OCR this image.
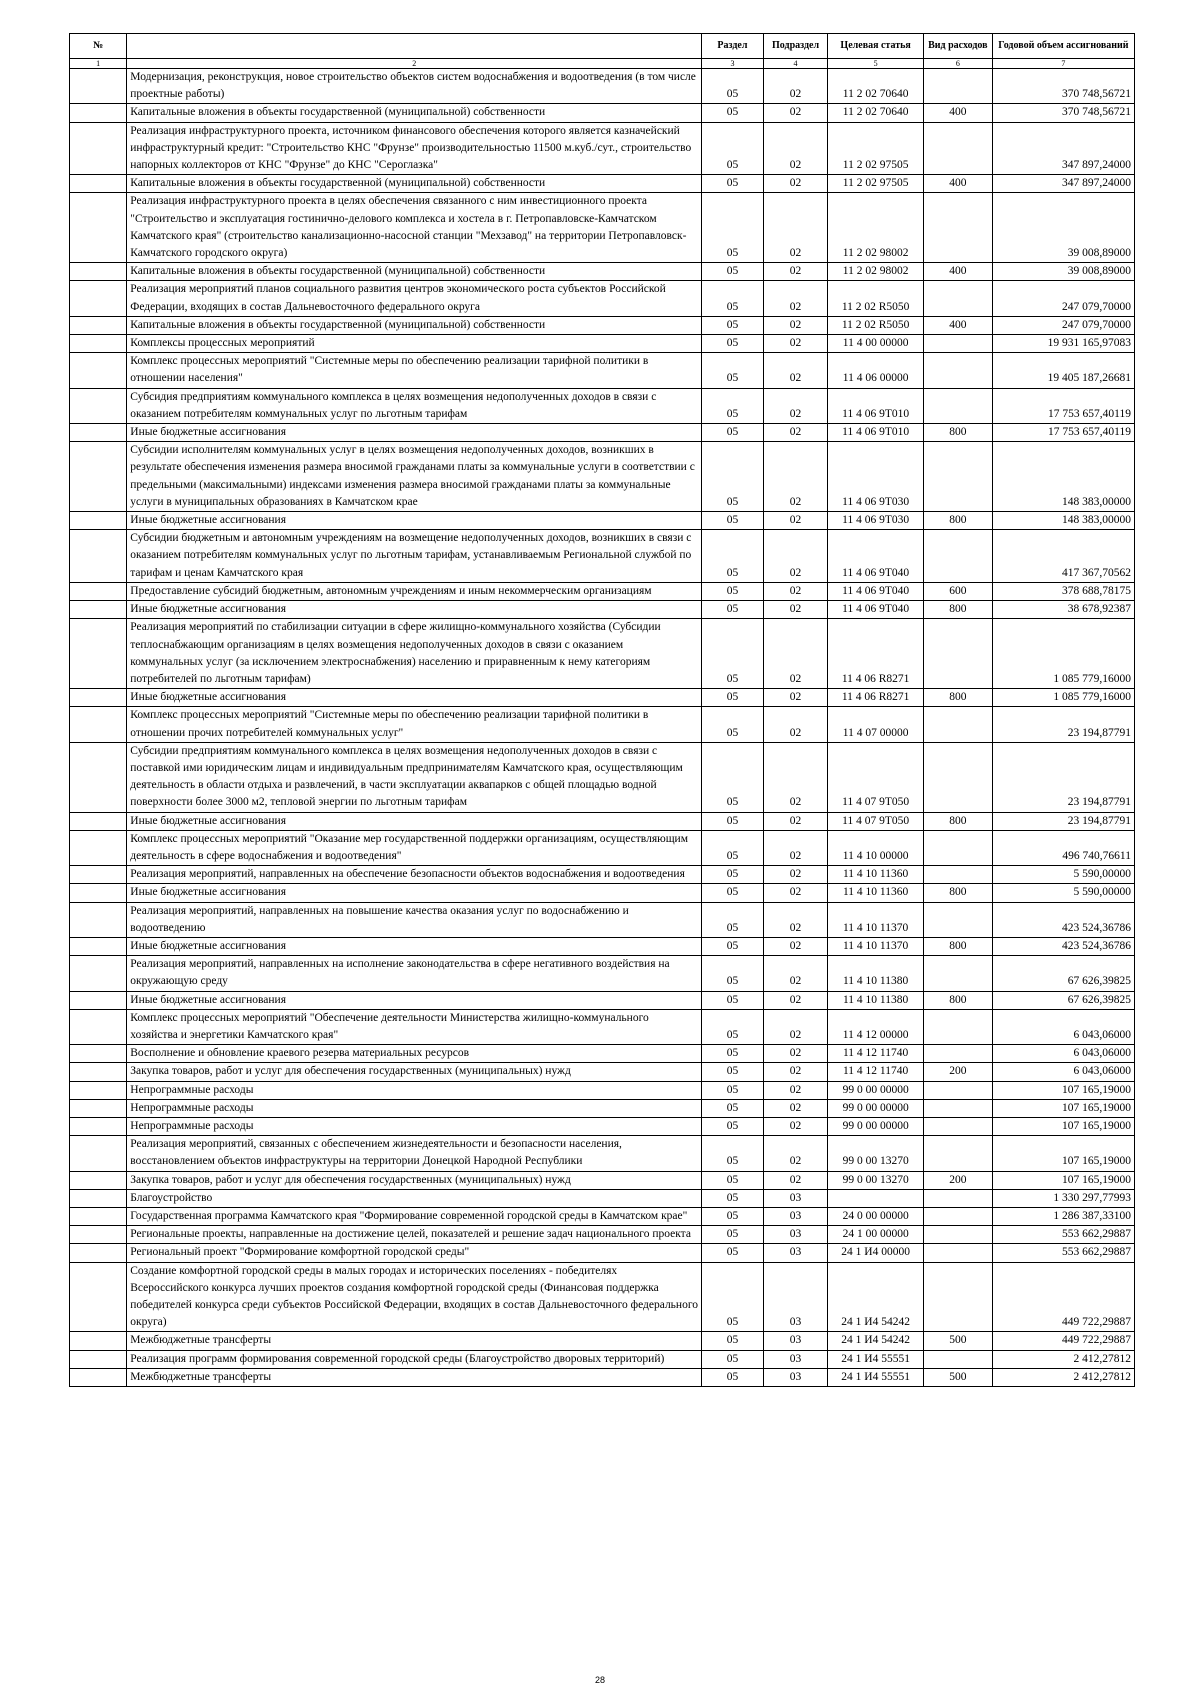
№		Раздел	Подраздел	Целевая статья	Вид расходов	Годовой объем ассигнований
1	2	3	4	5	6	7
	Модернизация, реконструкция, новое строительство объектов систем водоснабжения и водоотведения (в том числе проектные работы)	05	02	11 2 02 70640		370 748,56721
	Капитальные вложения в объекты государственной (муниципальной) собственности	05	02	11 2 02 70640	400	370 748,56721
	Реализация инфраструктурного проекта, источником финансового обеспечения которого является казначейский инфраструктурный кредит: "Строительство КНС "Фрунзе" производительностью 11500 м.куб./сут., строительство напорных коллекторов от КНС "Фрунзе" до КНС "Сероглазка"	05	02	11 2 02 97505		347 897,24000
	Капитальные вложения в объекты государственной (муниципальной) собственности	05	02	11 2 02 97505	400	347 897,24000
	Реализация инфраструктурного проекта в целях обеспечения связанного с ним инвестиционного проекта "Строительство и эксплуатация гостинично-делового комплекса и хостела в г. Петропавловске-Камчатском Камчатского края" (строительство канализационно-насосной станции "Мехзавод" на территории Петропавловск-Камчатского городского округа)	05	02	11 2 02 98002		39 008,89000
	Капитальные вложения в объекты государственной (муниципальной) собственности	05	02	11 2 02 98002	400	39 008,89000
	Реализация мероприятий планов социального развития центров экономического роста субъектов Российской Федерации, входящих в состав Дальневосточного федерального округа	05	02	11 2 02 R5050		247 079,70000
	Капитальные вложения в объекты государственной (муниципальной) собственности	05	02	11 2 02 R5050	400	247 079,70000
	Комплексы процессных мероприятий	05	02	11 4 00 00000		19 931 165,97083
	Комплекс процессных мероприятий "Системные меры по обеспечению реализации тарифной политики в отношении населения"	05	02	11 4 06 00000		19 405 187,26681
	Субсидия предприятиям коммунального комплекса в целях возмещения недополученных доходов в связи с оказанием потребителям коммунальных услуг по льготным тарифам	05	02	11 4 06 9Т010		17 753 657,40119
	Иные бюджетные ассигнования	05	02	11 4 06 9Т010	800	17 753 657,40119
	Субсидии исполнителям коммунальных услуг в целях возмещения недополученных доходов, возникших в результате обеспечения изменения размера вносимой гражданами платы за коммунальные услуги в соответствии с предельными (максимальными) индексами изменения размера вносимой гражданами платы за коммунальные услуги в муниципальных образованиях в Камчатском крае	05	02	11 4 06 9Т030		148 383,00000
	Иные бюджетные ассигнования	05	02	11 4 06 9Т030	800	148 383,00000
	Субсидии бюджетным и автономным учреждениям на возмещение недополученных доходов, возникших в связи с оказанием потребителям коммунальных услуг по льготным тарифам, устанавливаемым Региональной службой по тарифам и ценам Камчатского края	05	02	11 4 06 9Т040		417 367,70562
	Предоставление субсидий бюджетным, автономным учреждениям и иным некоммерческим организациям	05	02	11 4 06 9Т040	600	378 688,78175
	Иные бюджетные ассигнования	05	02	11 4 06 9Т040	800	38 678,92387
	Реализация мероприятий по стабилизации ситуации в сфере жилищно-коммунального хозяйства (Субсидии теплоснабжающим организациям в целях возмещения недополученных доходов в связи с оказанием коммунальных услуг (за исключением электроснабжения) населению и приравненным к нему категориям потребителей по льготным тарифам)	05	02	11 4 06 R8271		1 085 779,16000
	Иные бюджетные ассигнования	05	02	11 4 06 R8271	800	1 085 779,16000
	Комплекс процессных мероприятий "Системные меры по обеспечению реализации тарифной политики в отношении прочих потребителей коммунальных услуг"	05	02	11 4 07 00000		23 194,87791
	Субсидии предприятиям коммунального комплекса в целях возмещения недополученных доходов в связи с поставкой ими юридическим лицам и индивидуальным предпринимателям Камчатского края, осуществляющим деятельность в области отдыха и развлечений, в части эксплуатации аквапарков с общей площадью водной поверхности более 3000 м2, тепловой энергии по льготным тарифам	05	02	11 4 07 9Т050		23 194,87791
	Иные бюджетные ассигнования	05	02	11 4 07 9Т050	800	23 194,87791
	Комплекс процессных мероприятий "Оказание мер государственной поддержки организациям, осуществляющим деятельность в сфере водоснабжения и водоотведения"	05	02	11 4 10 00000		496 740,76611
	Реализация мероприятий, направленных на обеспечение безопасности объектов водоснабжения и водоотведения	05	02	11 4 10 11360		5 590,00000
	Иные бюджетные ассигнования	05	02	11 4 10 11360	800	5 590,00000
	Реализация мероприятий, направленных на повышение качества оказания услуг по водоснабжению и водоотведению	05	02	11 4 10 11370		423 524,36786
	Иные бюджетные ассигнования	05	02	11 4 10 11370	800	423 524,36786
	Реализация мероприятий, направленных на исполнение законодательства в сфере негативного воздействия на окружающую среду	05	02	11 4 10 11380		67 626,39825
	Иные бюджетные ассигнования	05	02	11 4 10 11380	800	67 626,39825
	Комплекс процессных мероприятий "Обеспечение деятельности Министерства жилищно-коммунального хозяйства и энергетики Камчатского края"	05	02	11 4 12 00000		6 043,06000
	Восполнение и обновление краевого резерва материальных ресурсов	05	02	11 4 12 11740		6 043,06000
	Закупка товаров, работ и услуг для обеспечения государственных (муниципальных) нужд	05	02	11 4 12 11740	200	6 043,06000
	Непрограммные расходы	05	02	99 0 00 00000		107 165,19000
	Непрограммные расходы	05	02	99 0 00 00000		107 165,19000
	Непрограммные расходы	05	02	99 0 00 00000		107 165,19000
	Реализация мероприятий, связанных с обеспечением жизнедеятельности и безопасности населения, восстановлением объектов инфраструктуры на территории Донецкой Народной Республики	05	02	99 0 00 13270		107 165,19000
	Закупка товаров, работ и услуг для обеспечения государственных (муниципальных) нужд	05	02	99 0 00 13270	200	107 165,19000
	Благоустройство	05	03			1 330 297,77993
	Государственная программа Камчатского края "Формирование современной городской среды в Камчатском крае"	05	03	24 0 00 00000		1 286 387,33100
	Региональные проекты, направленные на достижение целей, показателей и решение задач национального проекта	05	03	24 1 00 00000		553 662,29887
	Региональный проект "Формирование комфортной городской среды"	05	03	24 1 И4 00000		553 662,29887
	Создание комфортной городской среды в малых городах и исторических поселениях - победителях Всероссийского конкурса лучших проектов создания комфортной городской среды (Финансовая поддержка победителей конкурса среди субъектов Российской Федерации, входящих в состав Дальневосточного федерального округа)	05	03	24 1 И4 54242		449 722,29887
	Межбюджетные трансферты	05	03	24 1 И4 54242	500	449 722,29887
	Реализация программ формирования современной городской среды (Благоустройство дворовых территорий)	05	03	24 1 И4 55551		2 412,27812
	Межбюджетные трансферты	05	03	24 1 И4 55551	500	2 412,27812
28
